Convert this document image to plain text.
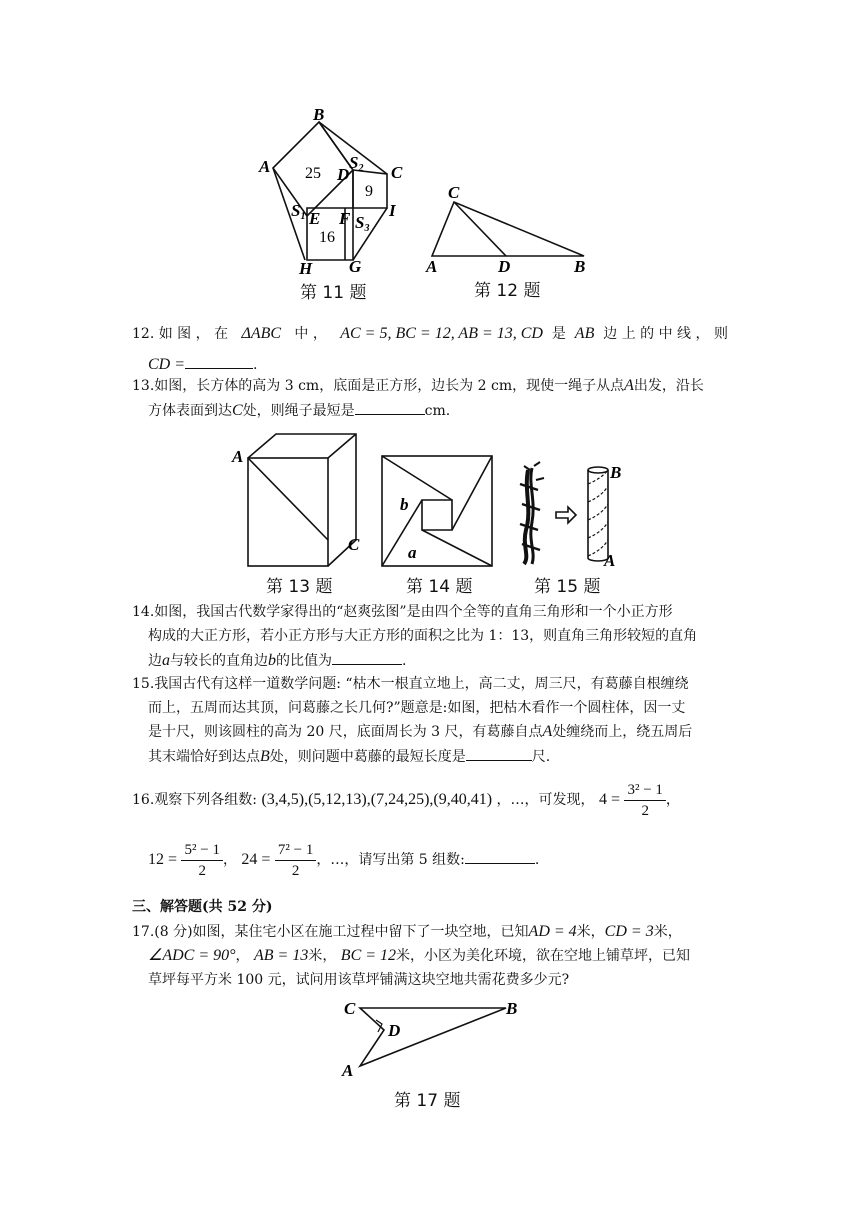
B
A	C
D
E F I
H G
S1
S2
S3
25
9
16
第 11 题
C
A	D	B
第 12 题
12. 如 图 ， 在 ΔABC 中 ， AC = 5, BC = 12, AB = 13, CD 是 AB 边 上 的 中 线 ， 则
CD =	.
13.如图，长方体的高为 3 cm，底面是正方形，边长为 2 cm，现使一绳子从点A出发，沿长
方体表面到达C处，则绳子最短是	cm.
A
C
第 13 题
b
a
第 14 题
B
A
第 15 题
14.如图，我国古代数学家得出的“赵爽弦图”是由四个全等的直角三角形和一个小正方形
构成的大正方形，若小正方形与大正方形的面积之比为 1：13，则直角三角形较短的直角
边a与较长的直角边b的比值为	.
15.我国古代有这样一道数学问题: “枯木一根直立地上，高二丈，周三尺，有葛藤自根缠绕
而上，五周而达其顶，问葛藤之长几何?”题意是:如图，把枯木看作一个圆柱体，因一丈
是十尺，则该圆柱的高为 20 尺，底面周长为 3 尺，有葛藤自点A处缠绕而上，绕五周后
其末端恰好到达点B处，则问题中葛藤的最短长度是	尺.
16.观察下列各组数: (3,4,5),(5,12,13),(7,24,25),(9,40,41) ，…，可发现， $4 = \frac{\text{3² − 1}}{2}$ ，
$12 = \frac{\text{5² − 1}}{2}$ ， $24 = \frac{\text{7² − 1}}{2}$ ，…，请写出第 5 组数:	.
三、解答题(共 52 分)
17.(8 分)如图，某住宅小区在施工过程中留下了一块空地，已知AD = 4米，CD = 3米，
∠ADC = 90°， AB = 13米， BC = 12米，小区为美化环境，欲在空地上铺草坪，已知
草坪每平方米 100 元，试问用该草坪铺满这块空地共需花费多少元?
C	B
D
A
第 17 题
